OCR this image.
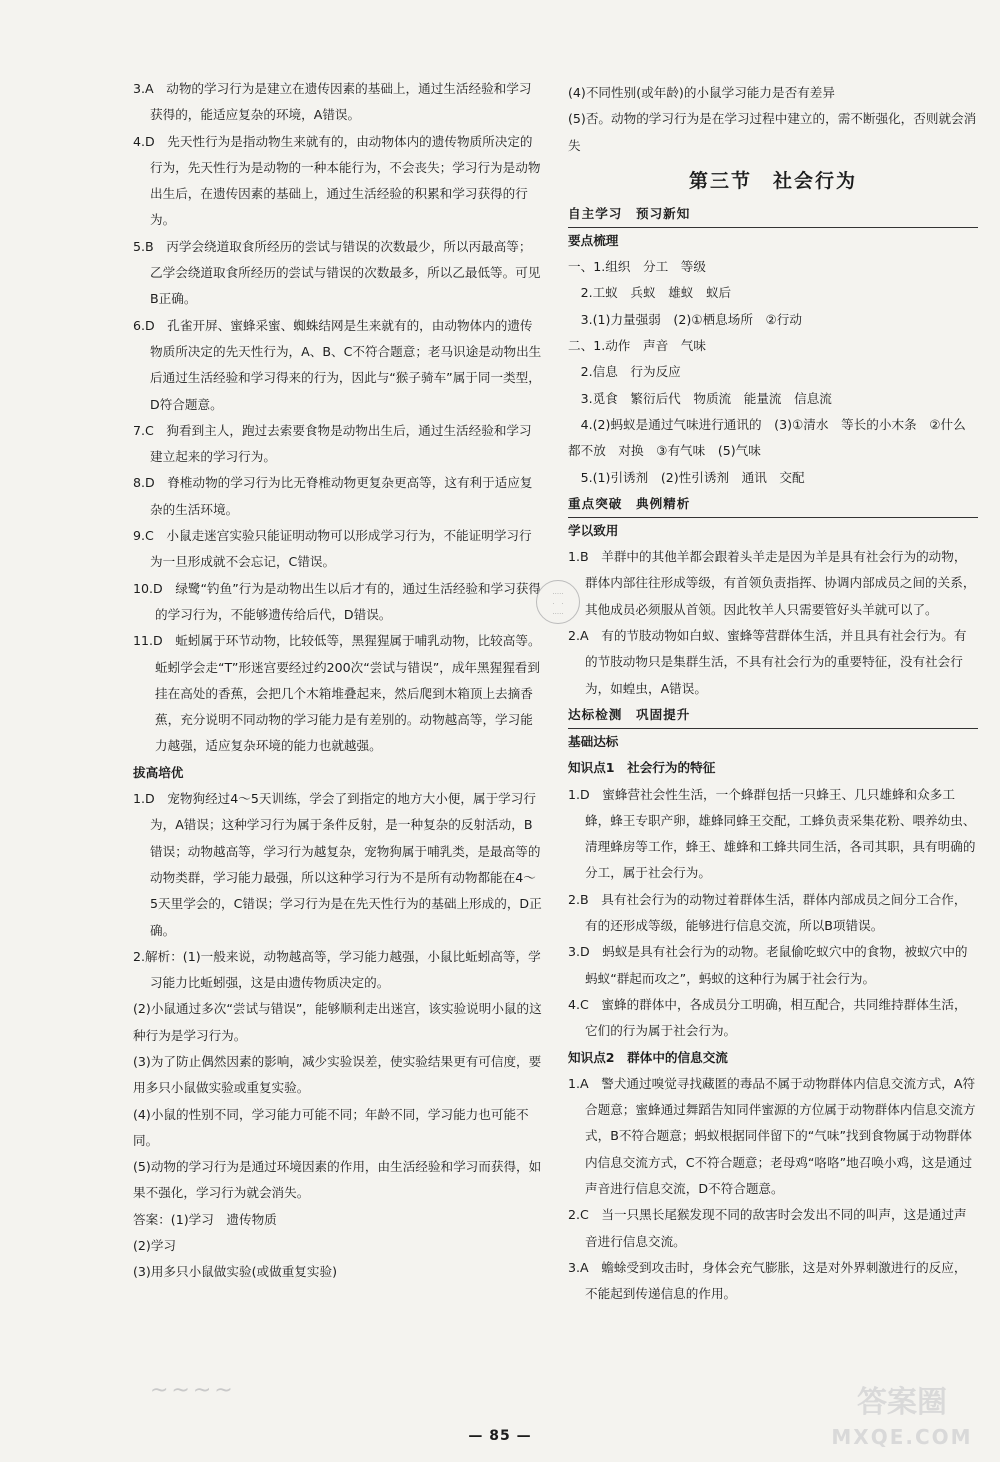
3.A　动物的学习行为是建立在遗传因素的基础上，通过生活经验和学习获得的，能适应复杂的环境，A错误。

4.D　先天性行为是指动物生来就有的，由动物体内的遗传物质所决定的行为，先天性行为是动物的一种本能行为，不会丧失；学习行为是动物出生后，在遗传因素的基础上，通过生活经验的积累和学习获得的行为。

5.B　丙学会绕道取食所经历的尝试与错误的次数最少，所以丙最高等；乙学会绕道取食所经历的尝试与错误的次数最多，所以乙最低等。可见B正确。

6.D　孔雀开屏、蜜蜂采蜜、蜘蛛结网是生来就有的，由动物体内的遗传物质所决定的先天性行为，A、B、C不符合题意；老马识途是动物出生后通过生活经验和学习得来的行为，因此与“猴子骑车”属于同一类型，D符合题意。

7.C　狗看到主人，跑过去索要食物是动物出生后，通过生活经验和学习建立起来的学习行为。

8.D　脊椎动物的学习行为比无脊椎动物更复杂更高等，这有利于适应复杂的生活环境。

9.C　小鼠走迷宫实验只能证明动物可以形成学习行为，不能证明学习行为一旦形成就不会忘记，C错误。

10.D　绿鹭“钓鱼”行为是动物出生以后才有的，通过生活经验和学习获得的学习行为，不能够遗传给后代，D错误。

11.D　蚯蚓属于环节动物，比较低等，黑猩猩属于哺乳动物，比较高等。蚯蚓学会走“T”形迷宫要经过约200次“尝试与错误”，成年黑猩猩看到挂在高处的香蕉，会把几个木箱堆叠起来，然后爬到木箱顶上去摘香蕉，充分说明不同动物的学习能力是有差别的。动物越高等，学习能力越强，适应复杂环境的能力也就越强。

拔高培优

1.D　宠物狗经过4～5天训练，学会了到指定的地方大小便，属于学习行为，A错误；这种学习行为属于条件反射，是一种复杂的反射活动，B错误；动物越高等，学习行为越复杂，宠物狗属于哺乳类，是最高等的动物类群，学习能力最强，所以这种学习行为不是所有动物都能在4～5天里学会的，C错误；学习行为是在先天性行为的基础上形成的，D正确。

2.解析：(1)一般来说，动物越高等，学习能力越强，小鼠比蚯蚓高等，学习能力比蚯蚓强，这是由遗传物质决定的。

(2)小鼠通过多次“尝试与错误”，能够顺利走出迷宫，该实验说明小鼠的这种行为是学习行为。

(3)为了防止偶然因素的影响，减少实验误差，使实验结果更有可信度，要用多只小鼠做实验或重复实验。

(4)小鼠的性别不同，学习能力可能不同；年龄不同，学习能力也可能不同。

(5)动物的学习行为是通过环境因素的作用，由生活经验和学习而获得，如果不强化，学习行为就会消失。

答案：(1)学习　遗传物质

(2)学习

(3)用多只小鼠做实验(或做重复实验)

(4)不同性别(或年龄)的小鼠学习能力是否有差异

(5)否。动物的学习行为是在学习过程中建立的，需不断强化，否则就会消失

第三节　社会行为
自主学习　预习新知
要点梳理

一、1.组织　分工　等级

　2.工蚁　兵蚁　雄蚁　蚁后

　3.(1)力量强弱　(2)①栖息场所　②行动

二、1.动作　声音　气味

　2.信息　行为反应

　3.觅食　繁衍后代　物质流　能量流　信息流

　4.(2)蚂蚁是通过气味进行通讯的　(3)①清水　等长的小木条　②什么都不放　对换　③有气味　(5)气味

　5.(1)引诱剂　(2)性引诱剂　通讯　交配

重点突破　典例精析
学以致用

1.B　羊群中的其他羊都会跟着头羊走是因为羊是具有社会行为的动物，群体内部往往形成等级，有首领负责指挥、协调内部成员之间的关系，其他成员必须服从首领。因此牧羊人只需要管好头羊就可以了。

2.A　有的节肢动物如白蚁、蜜蜂等营群体生活，并且具有社会行为。有的节肢动物只是集群生活，不具有社会行为的重要特征，没有社会行为，如蝗虫，A错误。

达标检测　巩固提升
基础达标
知识点1　社会行为的特征

1.D　蜜蜂营社会性生活，一个蜂群包括一只蜂王、几只雄蜂和众多工蜂，蜂王专职产卵，雄蜂同蜂王交配，工蜂负责采集花粉、喂养幼虫、清理蜂房等工作，蜂王、雄蜂和工蜂共同生活，各司其职，具有明确的分工，属于社会行为。

2.B　具有社会行为的动物过着群体生活，群体内部成员之间分工合作，有的还形成等级，能够进行信息交流，所以B项错误。

3.D　蚂蚁是具有社会行为的动物。老鼠偷吃蚁穴中的食物，被蚁穴中的蚂蚁“群起而攻之”，蚂蚁的这种行为属于社会行为。

4.C　蜜蜂的群体中，各成员分工明确，相互配合，共同维持群体生活，它们的行为属于社会行为。

知识点2　群体中的信息交流

1.A　警犬通过嗅觉寻找藏匿的毒品不属于动物群体内信息交流方式，A符合题意；蜜蜂通过舞蹈告知同伴蜜源的方位属于动物群体内信息交流方式，B不符合题意；蚂蚁根据同伴留下的“气味”找到食物属于动物群体内信息交流方式，C不符合题意；老母鸡“咯咯”地召唤小鸡，这是通过声音进行信息交流，D不符合题意。

2.C　当一只黑长尾猴发现不同的敌害时会发出不同的叫声，这是通过声音进行信息交流。

3.A　蟾蜍受到攻击时，身体会充气膨胀，这是对外界刺激进行的反应，不能起到传递信息的作用。

·····
·　·
·····
~~~~
— 85 —
答案圈
MXQE.COM
